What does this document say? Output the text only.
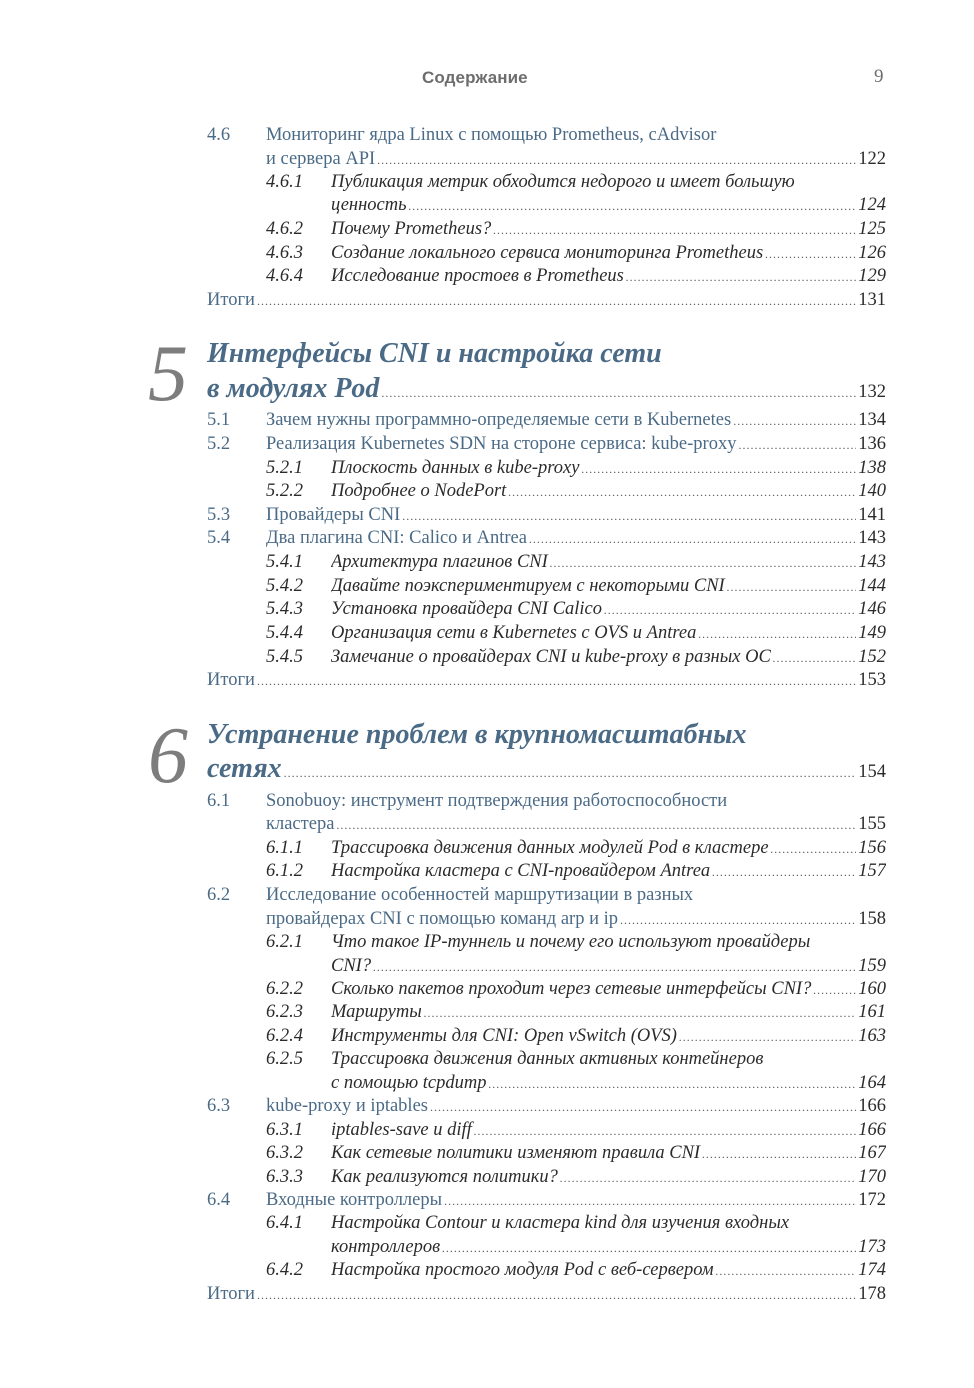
Содержание	9
4.6 Мониторинг ядра Linux с помощью Prometheus, cAdvisor
и сервера API .....	122
4.6.1 Публикация метрик обходится недорого и имеет большую
ценность .....	124
4.6.2 Почему Prometheus? .....	125
4.6.3 Создание локального сервиса мониторинга Prometheus .....	126
4.6.4 Исследование простоев в Prometheus .....	129
Итоги .....	131
5 Интерфейсы CNI и настройка сети
в модулях Pod .....	132
5.1 Зачем нужны программно-определяемые сети в Kubernetes .....	134
5.2 Реализация Kubernetes SDN на стороне сервиса: kube-proxy .....	136
5.2.1 Плоскость данных в kube-proxy .....	138
5.2.2 Подробнее о NodePort .....	140
5.3 Провайдеры CNI .....	141
5.4 Два плагина CNI: Calico и Antrea .....	143
5.4.1 Архитектура плагинов CNI .....	143
5.4.2 Давайте поэкспериментируем с некоторыми CNI .....	144
5.4.3 Установка провайдера CNI Calico .....	146
5.4.4 Организация сети в Kubernetes с OVS и Antrea .....	149
5.4.5 Замечание о провайдерах CNI и kube-proxy в разных ОС .....	152
Итоги .....	153
6 Устранение проблем в крупномасштабных
сетях .....	154
6.1 Sonobuoy: инструмент подтверждения работоспособности
кластера .....	155
6.1.1 Трассировка движения данных модулей Pod в кластере .....	156
6.1.2 Настройка кластера с CNI-провайдером Antrea .....	157
6.2 Исследование особенностей маршрутизации в разных
провайдерах CNI с помощью команд arp и ip .....	158
6.2.1 Что такое IP-туннель и почему его используют провайдеры
CNI? .....	159
6.2.2 Сколько пакетов проходит через сетевые интерфейсы CNI? .....	160
6.2.3 Маршруты .....	161
6.2.4 Инструменты для CNI: Open vSwitch (OVS) .....	163
6.2.5 Трассировка движения данных активных контейнеров
с помощью tcpdump .....	164
6.3 kube-proxy и iptables .....	166
6.3.1 iptables-save и diff .....	166
6.3.2 Как сетевые политики изменяют правила CNI .....	167
6.3.3 Как реализуются политики? .....	170
6.4 Входные контроллеры .....	172
6.4.1 Настройка Contour и кластера kind для изучения входных
контроллеров .....	173
6.4.2 Настройка простого модуля Pod с веб-сервером .....	174
Итоги .....	178
